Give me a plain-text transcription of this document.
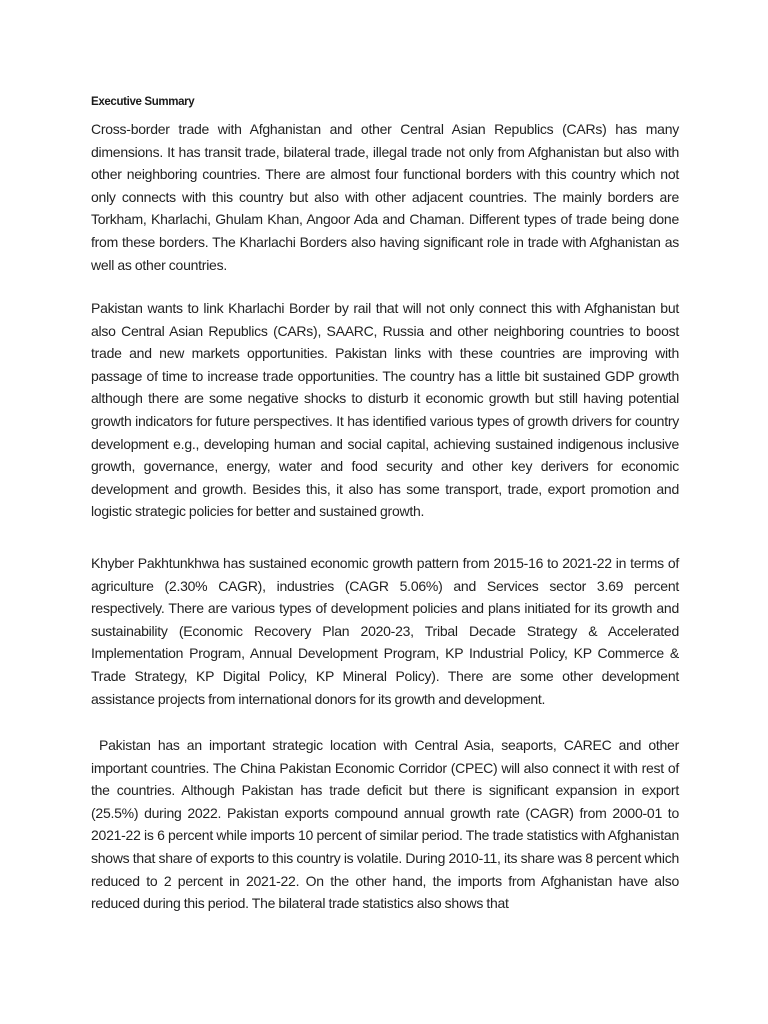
Executive Summary

Cross-border trade with Afghanistan and other Central Asian Republics (CARs) has many dimensions. It has transit trade, bilateral trade, illegal trade not only from Afghanistan but also with other neighboring countries. There are almost four functional borders with this country which not only connects with this country but also with other adjacent countries. The mainly borders are Torkham, Kharlachi, Ghulam Khan, Angoor Ada and Chaman. Different types of trade being done from these borders. The Kharlachi Borders also having significant role in trade with Afghanistan as well as other countries.

Pakistan wants to link Kharlachi Border by rail that will not only connect this with Afghanistan but also Central Asian Republics (CARs), SAARC, Russia and other neighboring countries to boost trade and new markets opportunities. Pakistan links with these countries are improving with passage of time to increase trade opportunities. The country has a little bit sustained GDP growth although there are some negative shocks to disturb it economic growth but still having potential growth indicators for future perspectives. It has identified various types of growth drivers for country development e.g., developing human and social capital, achieving sustained indigenous inclusive growth, governance, energy, water and food security and other key derivers for economic development and growth. Besides this, it also has some transport, trade, export promotion and logistic strategic policies for better and sustained growth.

Khyber Pakhtunkhwa has sustained economic growth pattern from 2015-16 to 2021-22 in terms of agriculture (2.30% CAGR), industries (CAGR 5.06%) and Services sector 3.69 percent respectively. There are various types of development policies and plans initiated for its growth and sustainability (Economic Recovery Plan 2020-23, Tribal Decade Strategy & Accelerated Implementation Program, Annual Development Program, KP Industrial Policy, KP Commerce & Trade Strategy, KP Digital Policy, KP Mineral Policy). There are some other development assistance projects from international donors for its growth and development.

Pakistan has an important strategic location with Central Asia, seaports, CAREC and other important countries. The China Pakistan Economic Corridor (CPEC) will also connect it with rest of the countries. Although Pakistan has trade deficit but there is significant expansion in export (25.5%) during 2022. Pakistan exports compound annual growth rate (CAGR) from 2000-01 to 2021-22 is 6 percent while imports 10 percent of similar period. The trade statistics with Afghanistan shows that share of exports to this country is volatile. During 2010-11, its share was 8 percent which reduced to 2 percent in 2021-22. On the other hand, the imports from Afghanistan have also reduced during this period. The bilateral trade statistics also shows that
